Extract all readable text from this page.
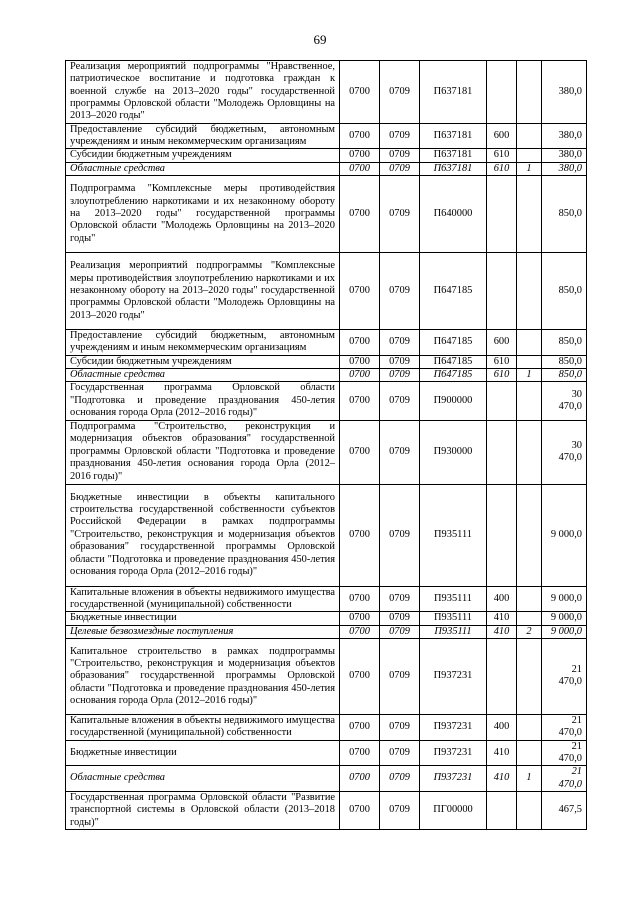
69
Реализация мероприятий подпрограммы "Нравственное, патриотическое воспитание и подготовка граждан к военной службе на 2013–2020 годы" государственной программы Орловской области "Молодежь Орловщины на 2013–2020 годы"	0700	0709	П637181			380,0
Предоставление субсидий бюджетным, автономным учреждениям и иным некоммерческим организациям	0700	0709	П637181	600		380,0
Субсидии бюджетным учреждениям	0700	0709	П637181	610		380,0
Областные средства	0700	0709	П637181	610	1	380,0
Подпрограмма "Комплексные меры противодействия злоупотреблению наркотиками и их незаконному обороту на 2013–2020 годы" государственной программы Орловской области "Молодежь Орловщины на 2013–2020 годы"	0700	0709	П640000			850,0
Реализация мероприятий подпрограммы "Комплексные меры противодействия злоупотреблению наркотиками и их незаконному обороту на 2013–2020 годы" государственной программы Орловской области "Молодежь Орловщины на 2013–2020 годы"	0700	0709	П647185			850,0
Предоставление субсидий бюджетным, автономным учреждениям и иным некоммерческим организациям	0700	0709	П647185	600		850,0
Субсидии бюджетным учреждениям	0700	0709	П647185	610		850,0
Областные средства	0700	0709	П647185	610	1	850,0
Государственная программа Орловской области "Подготовка и проведение празднования 450-летия основания города Орла (2012–2016 годы)"	0700	0709	П900000			30 470,0
Подпрограмма "Строительство, реконструкция и модернизация объектов образования" государственной программы Орловской области "Подготовка и проведение празднования 450-летия основания города Орла (2012–2016 годы)"	0700	0709	П930000			30 470,0
Бюджетные инвестиции в объекты капитального строительства государственной собственности субъектов Российской Федерации в рамках подпрограммы "Строительство, реконструкция и модернизация объектов образования" государственной программы Орловской области "Подготовка и проведение празднования 450-летия основания города Орла (2012–2016 годы)"	0700	0709	П935111			9 000,0
Капитальные вложения в объекты недвижимого имущества государственной (муниципальной) собственности	0700	0709	П935111	400		9 000,0
Бюджетные инвестиции	0700	0709	П935111	410		9 000,0
Целевые безвозмездные поступления	0700	0709	П935111	410	2	9 000,0
Капитальное строительство в рамках подпрограммы "Строительство, реконструкция и модернизация объектов образования" государственной программы Орловской области "Подготовка и проведение празднования 450-летия основания города Орла (2012–2016 годы)"	0700	0709	П937231			21 470,0
Капитальные вложения в объекты недвижимого имущества государственной (муниципальной) собственности	0700	0709	П937231	400		21 470,0
Бюджетные инвестиции	0700	0709	П937231	410		21 470,0
Областные средства	0700	0709	П937231	410	1	21 470,0
Государственная программа Орловской области "Развитие транспортной системы в Орловской области (2013–2018 годы)"	0700	0709	ПГ00000			467,5
